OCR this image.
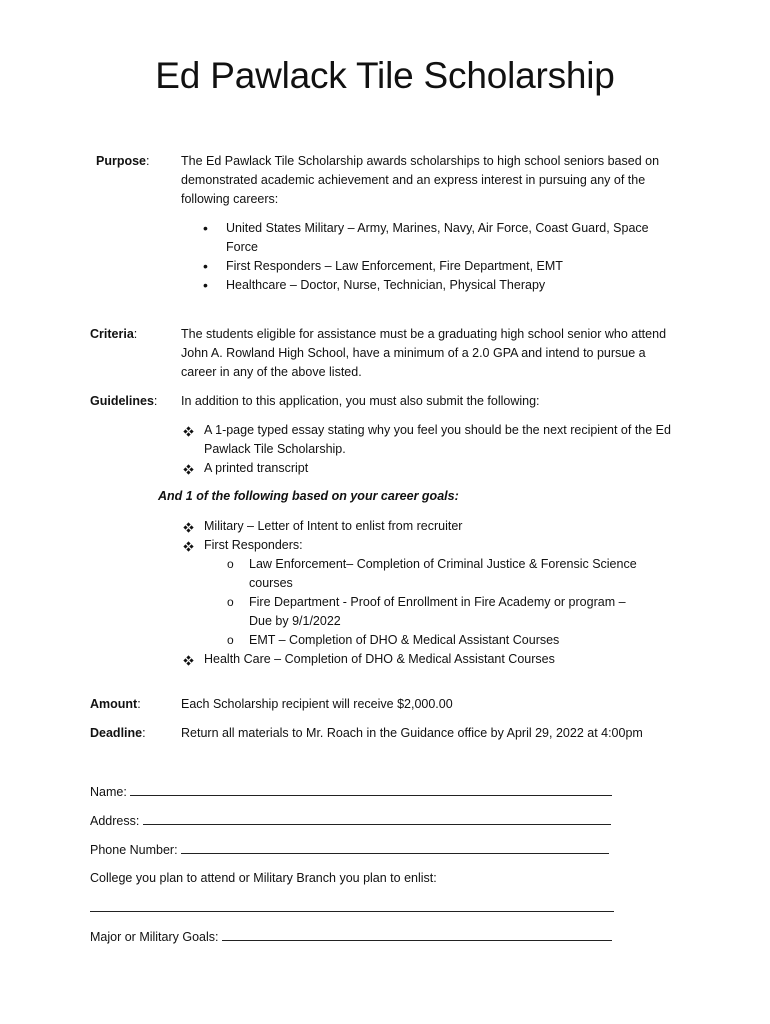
Ed Pawlack Tile Scholarship
Purpose:	The Ed Pawlack Tile Scholarship awards scholarships to high school seniors based on demonstrated academic achievement and an express interest in pursuing any of the following careers:
• United States Military – Army, Marines, Navy, Air Force, Coast Guard, Space Force
• First Responders – Law Enforcement, Fire Department, EMT
• Healthcare – Doctor, Nurse, Technician, Physical Therapy
Criteria:	The students eligible for assistance must be a graduating high school senior who attend John A. Rowland High School, have a minimum of a 2.0 GPA and intend to pursue a career in any of the above listed.
Guidelines: In addition to this application, you must also submit the following:
A 1-page typed essay stating why you feel you should be the next recipient of the Ed Pawlack Tile Scholarship.
A printed transcript
And 1 of the following based on your career goals:
Military – Letter of Intent to enlist from recruiter
First Responders:
o Law Enforcement– Completion of Criminal Justice & Forensic Science courses
o Fire Department - Proof of Enrollment in Fire Academy or program – Due by 9/1/2022
o EMT – Completion of DHO & Medical Assistant Courses
Health Care – Completion of DHO & Medical Assistant Courses
Amount:	Each Scholarship recipient will receive $2,000.00
Deadline:	Return all materials to Mr. Roach in the Guidance office by April 29, 2022 at 4:00pm
Name:
Address:
Phone Number:
College you plan to attend or Military Branch you plan to enlist:
Major or Military Goals:
